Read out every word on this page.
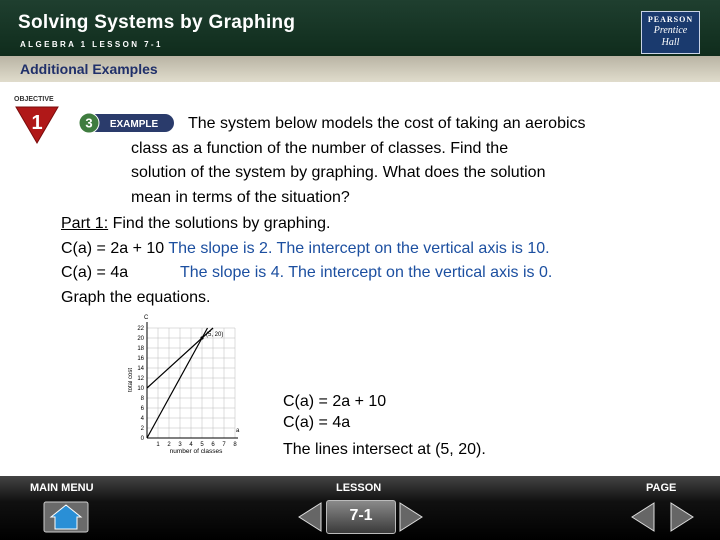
Solving Systems by Graphing
ALGEBRA 1 LESSON 7-1
PEARSON
Prentice
Hall
Additional Examples
OBJECTIVE
1	3 EXAMPLE	The system below models the cost of taking an aerobics
class as a function of the number of classes. Find the
solution of the system by graphing. What does the solution
mean in terms of the situation?
Part 1: Find the solutions by graphing.
C(a) = 2a + 10 The slope is 2. The intercept on the vertical axis is 10.
C(a) = 4a	The slope is 4. The intercept on the vertical axis is 0.
Graph the equations.
22
20
18
16
14
12
10
8
6
4
2
0
1 2 3 4 5 6 7 8
C
a
total cost
number of classes
(5, 20)
C(a) = 2a + 10
C(a) = 4a
The lines intersect at (5, 20).
MAIN MENU	LESSON	PAGE
7-1
